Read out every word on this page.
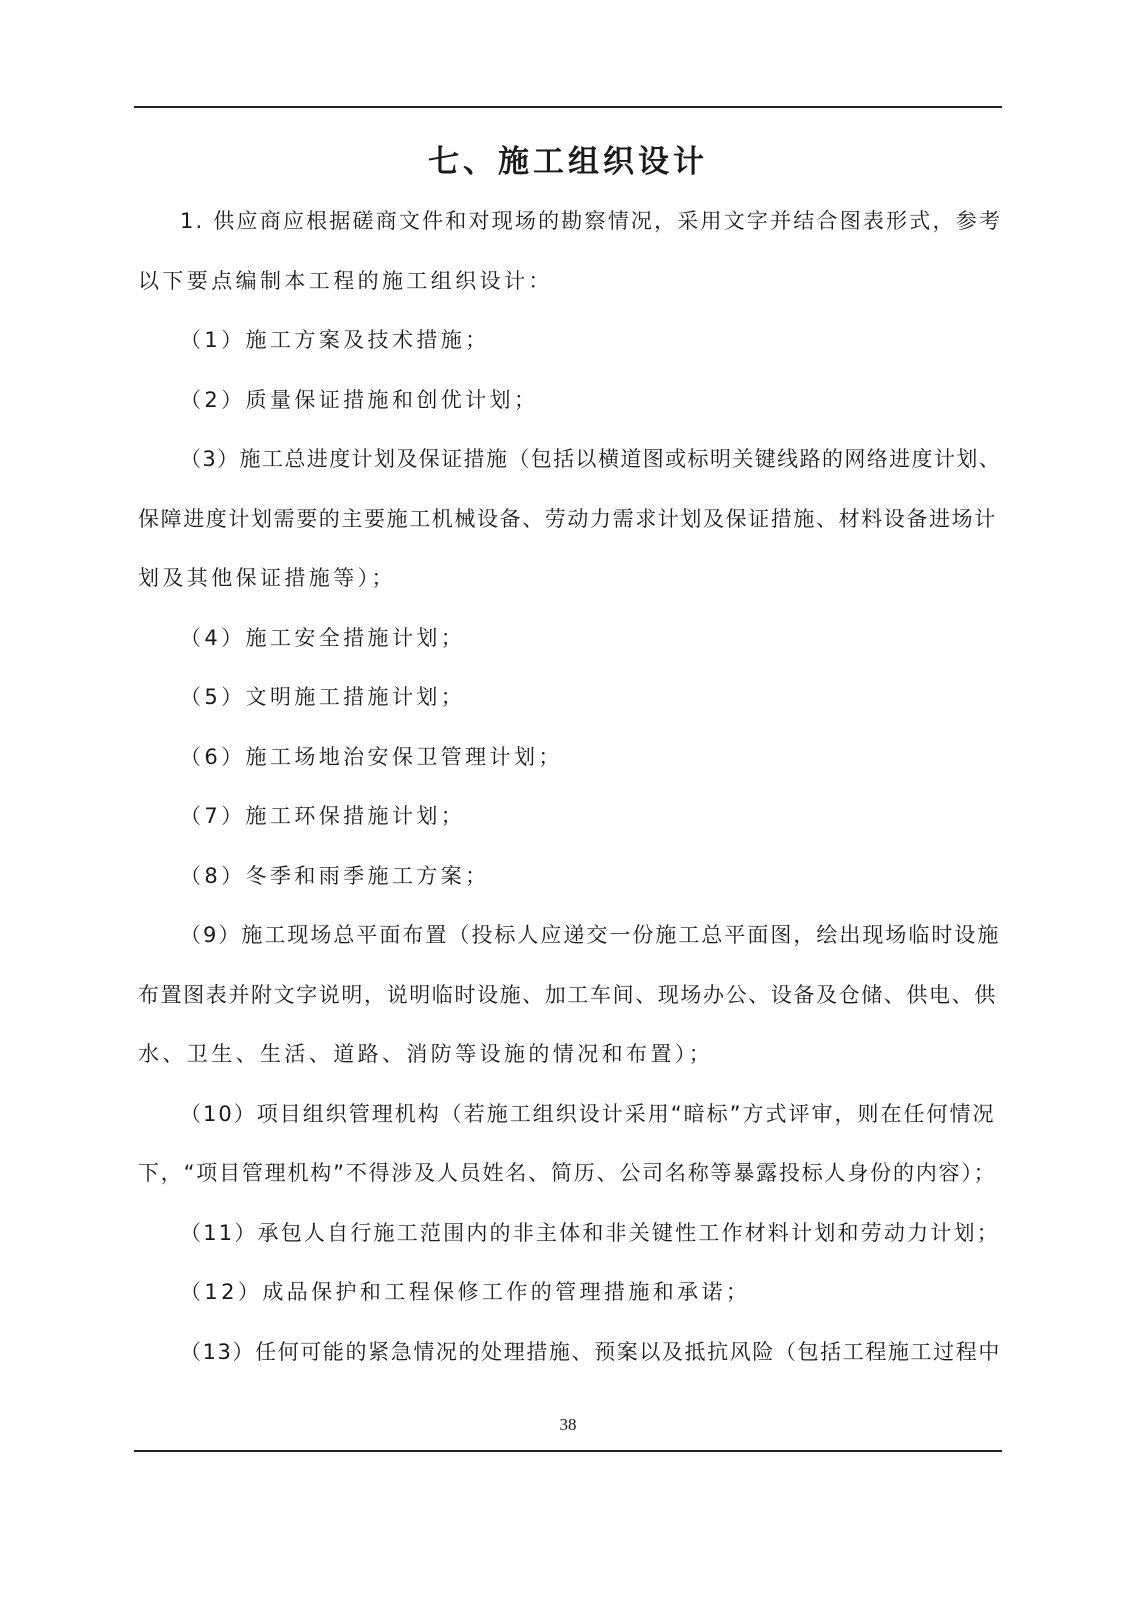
七、施工组织设计
1. 供应商应根据磋商文件和对现场的勘察情况，采用文字并结合图表形式，参考
以下要点编制本工程的施工组织设计：
（1）施工方案及技术措施；
（2）质量保证措施和创优计划；
（3）施工总进度计划及保证措施（包括以横道图或标明关键线路的网络进度计划、
保障进度计划需要的主要施工机械设备、劳动力需求计划及保证措施、材料设备进场计
划及其他保证措施等）；
（4）施工安全措施计划；
（5）文明施工措施计划；
（6）施工场地治安保卫管理计划；
（7）施工环保措施计划；
（8）冬季和雨季施工方案；
（9）施工现场总平面布置（投标人应递交一份施工总平面图，绘出现场临时设施
布置图表并附文字说明，说明临时设施、加工车间、现场办公、设备及仓储、供电、供
水、卫生、生活、道路、消防等设施的情况和布置）；
（10）项目组织管理机构（若施工组织设计采用“暗标”方式评审，则在任何情况
下，“项目管理机构”不得涉及人员姓名、简历、公司名称等暴露投标人身份的内容）；
（11）承包人自行施工范围内的非主体和非关键性工作材料计划和劳动力计划；
（12）成品保护和工程保修工作的管理措施和承诺；
（13）任何可能的紧急情况的处理措施、预案以及抵抗风险（包括工程施工过程中
38
